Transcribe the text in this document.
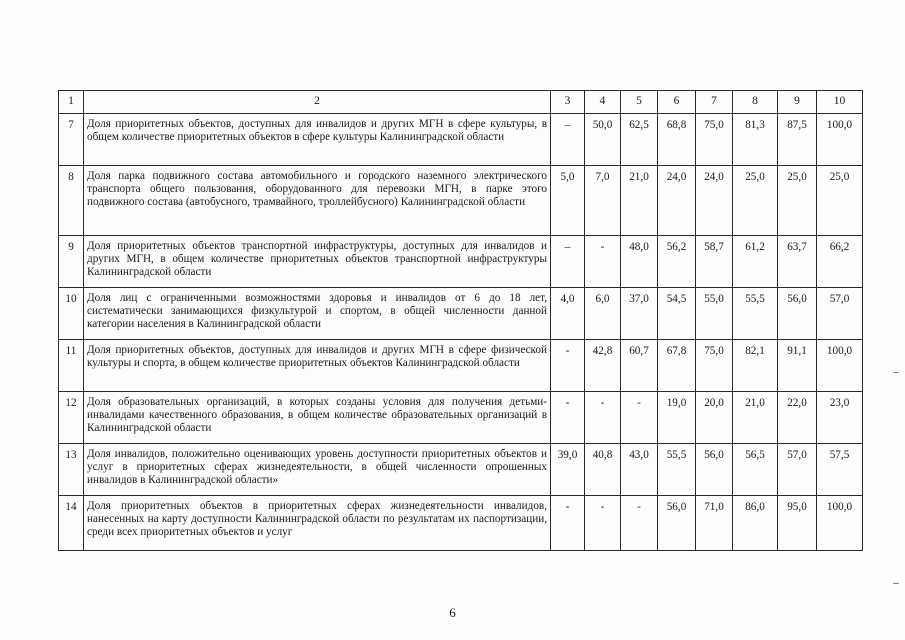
1	2	3	4	5	6	7	8	9	10
7	Доля приоритетных объектов, доступных для инвалидов и других МГН в сфере культуры, в общем количестве приоритетных объектов в сфере культуры Калининградской области	–	50,0	62,5	68,8	75,0	81,3	87,5	100,0
8	Доля парка подвижного состава автомобильного и городского наземного электрического транспорта общего пользования, оборудованного для перевозки МГН, в парке этого подвижного состава (автобусного, трамвайного, троллейбусного) Калининградской области	5,0	7,0	21,0	24,0	24,0	25,0	25,0	25,0
9	Доля приоритетных объектов транспортной инфраструктуры, доступных для инвалидов и других МГН, в общем количестве приоритетных объектов транспортной инфраструктуры Калининградской области	–	-	48,0	56,2	58,7	61,2	63,7	66,2
10	Доля лиц с ограниченными возможностями здоровья и инвалидов от 6 до 18 лет, систематически занимающихся физкультурой и спортом, в общей численности данной категории населения в Калининградской области	4,0	6,0	37,0	54,5	55,0	55,5	56,0	57,0
11	Доля приоритетных объектов, доступных для инвалидов и других МГН в сфере физической культуры и спорта, в общем количестве приоритетных объектов Калининградской области	-	42,8	60,7	67,8	75,0	82,1	91,1	100,0
12	Доля образовательных организаций, в которых созданы условия для получения детьми-инвалидами качественного образования, в общем количестве образовательных организаций в Калининградской области	-	-	-	19,0	20,0	21,0	22,0	23,0
13	Доля инвалидов, положительно оценивающих уровень доступности приоритетных объектов и услуг в приоритетных сферах жизнедеятельности, в общей численности опрошенных инвалидов в Калининградской области»	39,0	40,8	43,0	55,5	56,0	56,5	57,0	57,5
14	Доля приоритетных объектов в приоритетных сферах жизнедеятельности инвалидов, нанесенных на карту доступности Калининградской области по результатам их паспортизации, среди всех приоритетных объектов и услуг	-	-	-	56,0	71,0	86,0	95,0	100,0
6
